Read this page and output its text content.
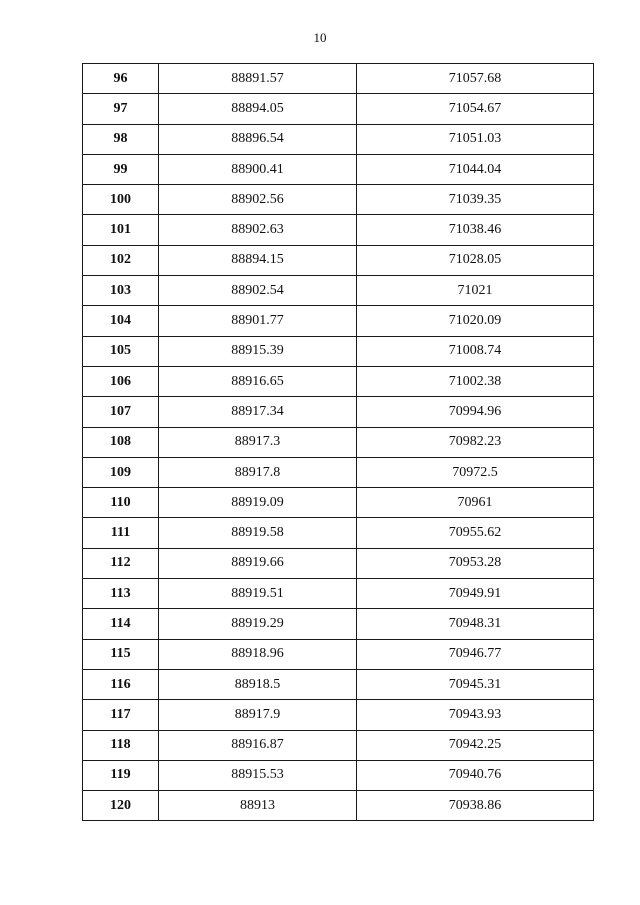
10
96	88891.57	71057.68
97	88894.05	71054.67
98	88896.54	71051.03
99	88900.41	71044.04
100	88902.56	71039.35
101	88902.63	71038.46
102	88894.15	71028.05
103	88902.54	71021
104	88901.77	71020.09
105	88915.39	71008.74
106	88916.65	71002.38
107	88917.34	70994.96
108	88917.3	70982.23
109	88917.8	70972.5
110	88919.09	70961
111	88919.58	70955.62
112	88919.66	70953.28
113	88919.51	70949.91
114	88919.29	70948.31
115	88918.96	70946.77
116	88918.5	70945.31
117	88917.9	70943.93
118	88916.87	70942.25
119	88915.53	70940.76
120	88913	70938.86
